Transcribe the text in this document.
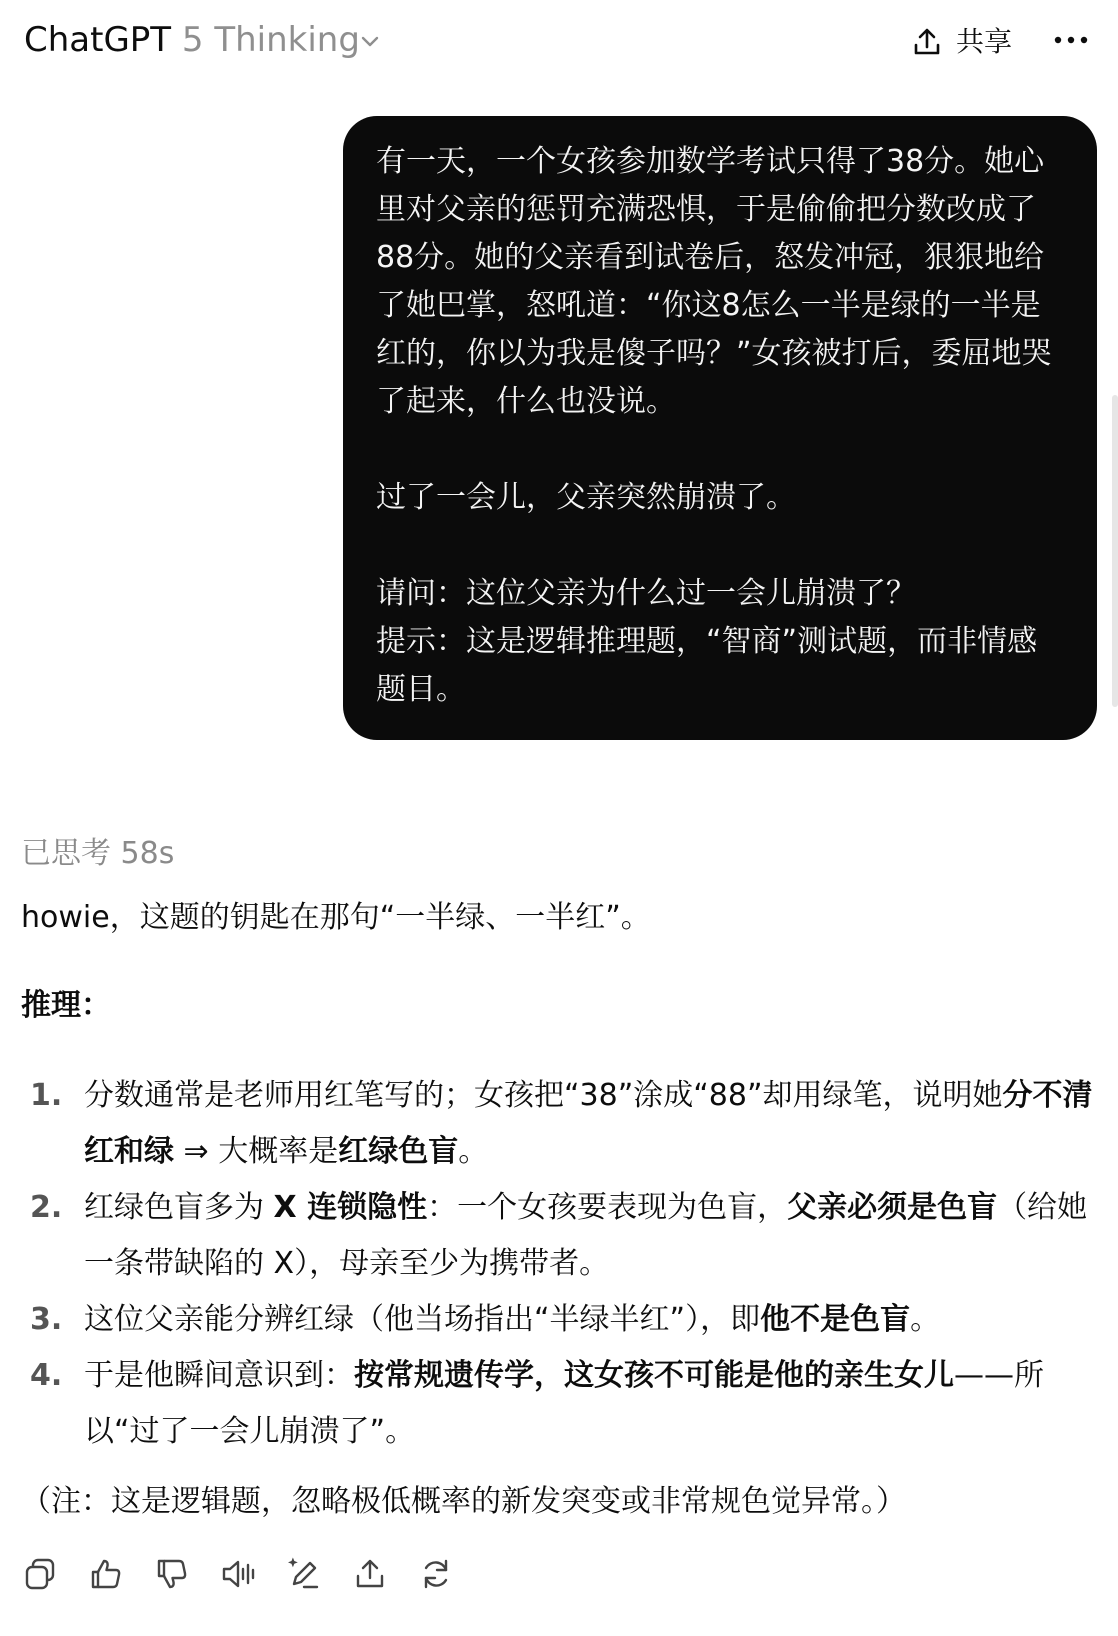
ChatGPT 5 Thinking	共享

有一天，一个女孩参加数学考试只得了38分。她心里对父亲的惩罚充满恐惧，于是偷偷把分数改成了88分。她的父亲看到试卷后，怒发冲冠，狠狠地给了她巴掌，怒吼道：“你这8怎么一半是绿的一半是红的，你以为我是傻子吗？”女孩被打后，委屈地哭了起来，什么也没说。

过了一会儿，父亲突然崩溃了。

请问：这位父亲为什么过一会儿崩溃了？

提示：这是逻辑推理题，“智商”测试题，而非情感题目。

已思考 58s
howie，这题的钥匙在那句“一半绿、一半红”。
推理：
1. 分数通常是老师用红笔写的；女孩把“38”涂成“88”却用绿笔，说明她分不清红和绿 ⇒ 大概率是红绿色盲。
2. 红绿色盲多为 X 连锁隐性：一个女孩要表现为色盲，父亲必须是色盲（给她一条带缺陷的 X），母亲至少为携带者。
3. 这位父亲能分辨红绿（他当场指出“半绿半红”），即他不是色盲。
4. 于是他瞬间意识到：按常规遗传学，这女孩不可能是他的亲生女儿——所以“过了一会儿崩溃了”。
（注：这是逻辑题，忽略极低概率的新发突变或非常规色觉异常。）
